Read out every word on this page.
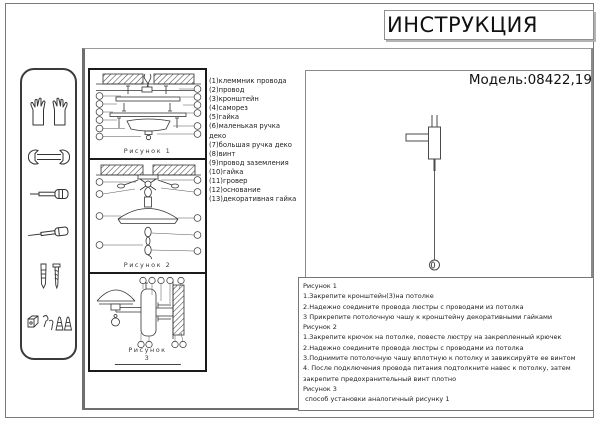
ИНСТРУКЦИЯ
Рисунок 1
Рисунок 2
Рисунок 3
(1)клеммник провода
(2)провод
(3)кронштейн
(4)саморез
(5)гайка
(6)маленькая ручка деко
(7)большая ручка деко
(8)винт
(9)провод заземления
(10)гайка
(11)гровер
(12)основание
(13)декоративная гайка
Модель:08422,19
Рисунок 1
1.Закрепите кронштейн(3)на потолке
2.Надежно соедините провода люстры с проводами из потолка
3 Прикрепите потолочную чашу к кронштейну декоративными гайками
Рисунок 2
1.Закрепите крючок на потолке, повесте люстру на закрепленный крючек
2.Надежно соедините провода люстры с проводами из потолка
3.Поднимите потолочную чашу вплотную к потолку и завиксируйте ее винтом
4. После подключения провода питания подтолкните навес к потолку, затем закрепите предохранительный винт плотно
Рисунок 3
способ установки аналогичный рисунку 1
